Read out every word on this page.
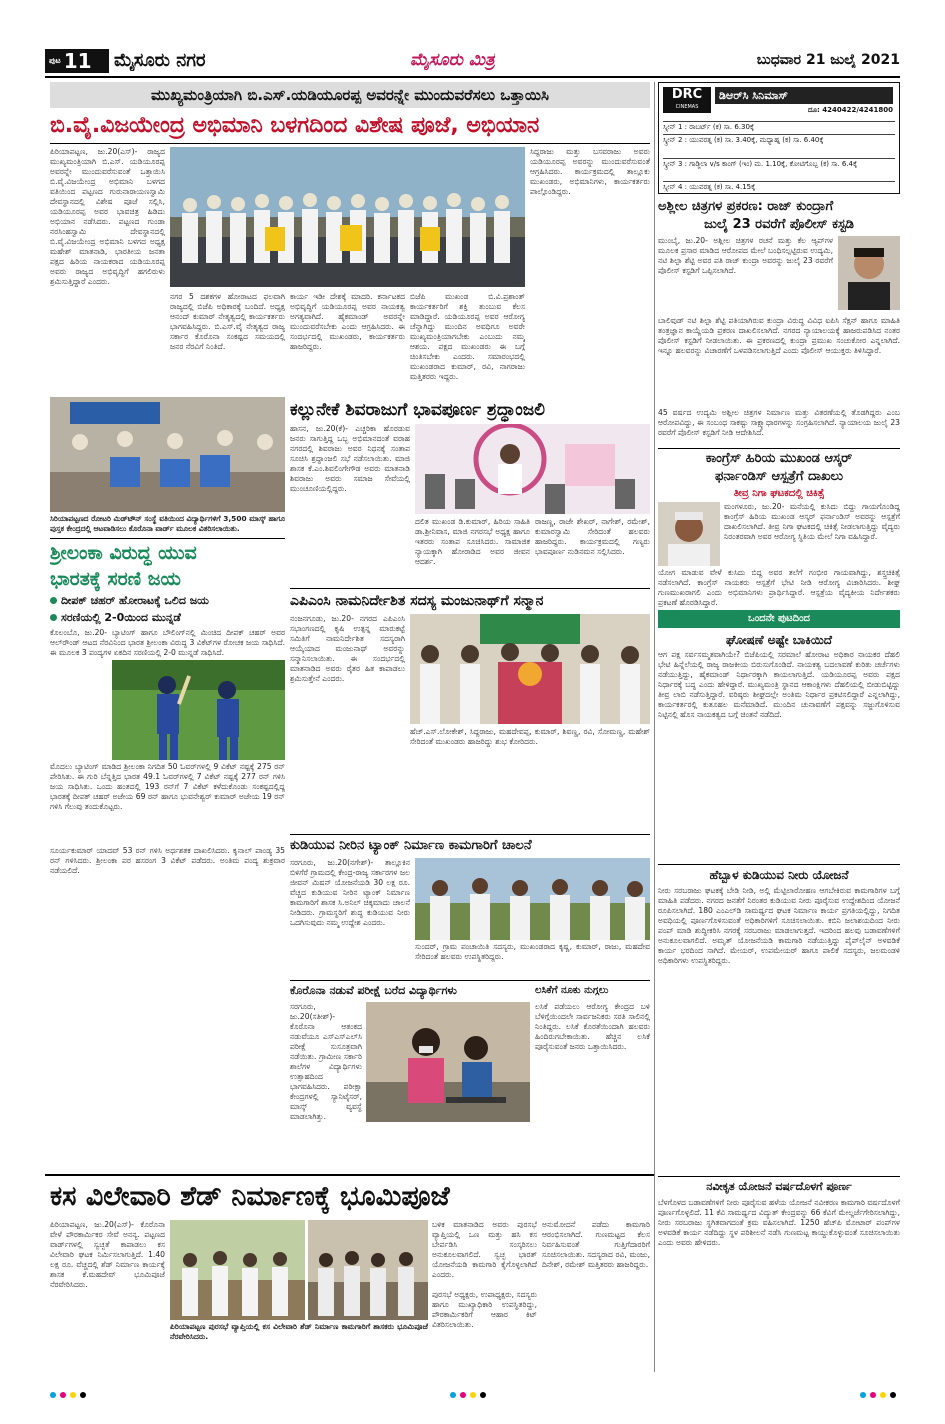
ಪುಟ 11 ಮೈಸೂರು ನಗರ	ಮೈಸೂರು ಮಿತ್ರ	ಬುಧವಾರ 21 ಜುಲೈ 2021
ಮುಖ್ಯಮಂತ್ರಿಯಾಗಿ ಬಿ.ಎಸ್.ಯಡಿಯೂರಪ್ಪ ಅವರನ್ನೇ ಮುಂದುವರೆಸಲು ಒತ್ತಾಯಿಸಿ
ಬಿ.ವೈ.ವಿಜಯೇಂದ್ರ ಅಭಿಮಾನಿ ಬಳಗದಿಂದ ವಿಶೇಷ ಪೂಜೆ, ಅಭಿಯಾನ
ಪಿರಿಯಾಪಟ್ಟಣ, ಜು.20(ಎಸ್‌)- ರಾಜ್ಯದ ಮುಖ್ಯಮಂತ್ರಿಯಾಗಿ ಬಿ.ಎಸ್. ಯಡಿಯೂರಪ್ಪ ಅವರನ್ನೇ ಮುಂದುವರೆಸುವಂತೆ ಒತ್ತಾಯಿಸಿ ಬಿ.ವೈ.ವಿಜಯೇಂದ್ರ ಅಭಿಮಾನಿ ಬಳಗದ ವತಿಯಿಂದ ಪಟ್ಟಣದ ಗುರುನಾರಾಯಣಸ್ವಾಮಿ ದೇವಸ್ಥಾನದಲ್ಲಿ ವಿಶೇಷ ಪೂಜೆ ಸಲ್ಲಿಸಿ, ಯಡಿಯೂರಪ್ಪ ಅವರ ಭಾವಚಿತ್ರ ಹಿಡಿದು ಅಭಿಯಾನ ನಡೆಸಿದರು. ಪಟ್ಟಣದ ಗುಂಡಾ ನರಸಿಂಹಸ್ವಾಮಿ ದೇವಸ್ಥಾನದಲ್ಲಿ ಬಿ.ವೈ.ವಿಜಯೇಂದ್ರ ಅಭಿಮಾನಿ ಬಳಗದ ಅಧ್ಯಕ್ಷ ಮಹೇಶ್ ಮಾತನಾಡಿ, ಭಾರತೀಯ ಜನತಾ ಪಕ್ಷದ ಹಿರಿಯ ನಾಯಕರಾದ ಯಡಿಯೂರಪ್ಪ ಅವರು ರಾಜ್ಯದ ಅಭಿವೃದ್ಧಿಗೆ ಹಗಲಿರುಳು ಶ್ರಮಿಸುತ್ತಿದ್ದಾರೆ ಎಂದರು.
ನಗರ 5 ದಶಕಗಳ ಹೋರಾಟದ ಫಲವಾಗಿ ರಾಜ್ಯದಲ್ಲಿ ಬಿಜೆಪಿ ಅಧಿಕಾರಕ್ಕೆ ಬಂದಿದೆ. ಅಧ್ಯಕ್ಷ ಆನಂದ್ ಕುಮಾರ್ ನೇತೃತ್ವದಲ್ಲಿ ಕಾರ್ಯಕರ್ತರು ಭಾಗವಹಿಸಿದ್ದರು. ಬಿ.ಎಸ್.ವೈ ನೇತೃತ್ವದ ರಾಜ್ಯ ಸರ್ಕಾರ ಕೊರೊನಾ ಸಂಕಷ್ಟದ ಸಮಯದಲ್ಲಿ ಜನರ ನೆರವಿಗೆ ನಿಂತಿದೆ.
ಕಾರ್ಯ ಇಡೀ ದೇಶಕ್ಕೆ ಮಾದರಿ. ಕರ್ನಾಟಕದ ಅಭಿವೃದ್ಧಿಗೆ ಯಡಿಯೂರಪ್ಪ ಅವರ ನಾಯಕತ್ವ ಅಗತ್ಯವಾಗಿದೆ. ಹೈಕಮಾಂಡ್ ಅವರನ್ನೇ ಮುಂದುವರೆಸಬೇಕು ಎಂದು ಆಗ್ರಹಿಸಿದರು. ಈ ಸಂದರ್ಭದಲ್ಲಿ ಮುಖಂಡರು, ಕಾರ್ಯಕರ್ತರು ಹಾಜರಿದ್ದರು.
ಬಿಜೆಪಿ ಮುಖಂಡ ಬಿ.ವಿ.ಪ್ರಶಾಂತ್ ಕಾರ್ಯಕರ್ತರಿಗೆ ಶಕ್ತಿ ತುಂಬುವ ಕೆಲಸ ಮಾಡಿದ್ದಾರೆ. ಯಡಿಯೂರಪ್ಪ ಅವರ ಆರೋಗ್ಯ ಚೆನ್ನಾಗಿದ್ದು ಮುಂದಿನ ಅವಧಿಗೂ ಅವರೇ ಮುಖ್ಯಮಂತ್ರಿಯಾಗಬೇಕು ಎಂಬುದು ನಮ್ಮ ಆಶಯ. ಪಕ್ಷದ ಮುಖಂಡರು ಈ ಬಗ್ಗೆ ಚಿಂತಿಸಬೇಕು ಎಂದರು. ಸಮಾರಂಭದಲ್ಲಿ ಮುಖಂಡರಾದ ಕುಮಾರ್, ರವಿ, ನಾಗರಾಜು ಮತ್ತಿತರರು ಇದ್ದರು.
ಸಿದ್ದರಾಜು ಮತ್ತು ಬಸವರಾಜು ಅವರು ಯಡಿಯೂರಪ್ಪ ಅವರನ್ನು ಮುಂದುವರೆಸುವಂತೆ ಆಗ್ರಹಿಸಿದರು. ಕಾರ್ಯಕ್ರಮದಲ್ಲಿ ತಾಲ್ಲೂಕು ಮುಖಂಡರು, ಅಭಿಮಾನಿಗಳು, ಕಾರ್ಯಕರ್ತರು ಪಾಲ್ಗೊಂಡಿದ್ದರು.
ಸಿರಿಯಾಪಟ್ಟಣದ ರೋಟರಿ ಮಿಡ್‌ಟೌನ್ ಸಂಸ್ಥೆ ವತಿಯಿಂದ ವಿದ್ಯಾರ್ಥಿಗಳಿಗೆ 3,500 ಮಾಸ್ಕ್ ಹಾಗೂ ಪುಸ್ತಕ ಕೇಂದ್ರದಲ್ಲಿ ಆಟವಾಡಿಸಲು ಕೊರೊನಾ ವಾರ್ಡ್ ಮೂಲಕ ವಿತರಿಸಲಾಯಿತು.
ಕಲ್ಲುನೇಕೆ ಶಿವರಾಜುಗೆ ಭಾವಪೂರ್ಣ ಶ್ರದ್ಧಾಂಜಲಿ
ಹಾಸನ, ಜು.20(ಕೆ)- ಎಚ್ಚರಿಕಾ ಹೊರಡುವ ಜನರು ಸಾಗುತ್ತಿದ್ದ ಒಬ್ಬ ಅಭಿಮಾನದಂತೆ ವರಾಹ ನಗರದಲ್ಲಿ ಶಿವರಾಜು ಅವರ ನಿಧನಕ್ಕೆ ಸಂತಾಪ ಸೂಚಿಸಿ ಶ್ರದ್ಧಾಂಜಲಿ ಸಭೆ ನಡೆಸಲಾಯಿತು. ಮಾಜಿ ಶಾಸಕ ಕೆ.ಎಂ.ಶಿವಲಿಂಗೇಗೌಡ ಅವರು ಮಾತನಾಡಿ ಶಿವರಾಜು ಅವರು ಸಮಾಜ ಸೇವೆಯಲ್ಲಿ ಮುಂಚೂಣಿಯಲ್ಲಿದ್ದರು.
ದಲಿತ ಮುಖಂಡ ಡಿ.ಕುಮಾರ್, ಹಿರಿಯ ಸಾಹಿತಿ ಡಾ.ಶ್ರೀನಿವಾಸ, ಮಾಜಿ ನಗರಸಭೆ ಅಧ್ಯಕ್ಷ ಹಾಗೂ ಇತರರು ಸಂತಾಪ ಸೂಚಿಸಿದರು. ಸಾಮಾಜಿಕ ನ್ಯಾಯಕ್ಕಾಗಿ ಹೋರಾಡಿದ ಅವರ ಜೀವನ ಆದರ್ಶ.
ರಾಜಣ್ಣ, ರಾಜೇ ಶೇಖರ್, ನಾಗೇಶ್, ರಮೇಶ್, ಕುಮಾರಸ್ವಾಮಿ ಸೇರಿದಂತೆ ಹಲವರು ಹಾಜರಿದ್ದರು. ಕಾರ್ಯಕ್ರಮದಲ್ಲಿ ಗಣ್ಯರು ಭಾವಪೂರ್ಣ ನುಡಿನಮನ ಸಲ್ಲಿಸಿದರು.
ಶ್ರೀಲಂಕಾ ವಿರುದ್ಧ ಯುವ
ಭಾರತಕ್ಕೆ ಸರಣಿ ಜಯ
ದೀಪಕ್ ಚಹರ್ ಹೋರಾಟಕ್ಕೆ ಒಲಿದ ಜಯ
ಸರಣಿಯಲ್ಲಿ 2-0ಯಿಂದ ಮುನ್ನಡೆ
ಕೊಲಂಬೊ, ಜು.20- ಬ್ಯಾಟಿಂಗ್ ಹಾಗೂ ಬೌಲಿಂಗ್‌ನಲ್ಲಿ ಮಿಂಚಿದ ದೀಪಕ್ ಚಹರ್ ಅವರ ಆಲ್‌ರೌಂಡ್ ಆಟದ ನೆರವಿನಿಂದ ಭಾರತ ಶ್ರೀಲಂಕಾ ವಿರುದ್ಧ 3 ವಿಕೆಟ್‌ಗಳ ರೋಚಕ ಜಯ ಸಾಧಿಸಿದೆ. ಈ ಮೂಲಕ 3 ಪಂದ್ಯಗಳ ಏಕದಿನ ಸರಣಿಯಲ್ಲಿ 2-0 ಮುನ್ನಡೆ ಸಾಧಿಸಿದೆ.
ಮೊದಲು ಬ್ಯಾಟಿಂಗ್ ಮಾಡಿದ ಶ್ರೀಲಂಕಾ ನಿಗದಿತ 50 ಓವರ್‌ಗಳಲ್ಲಿ 9 ವಿಕೆಟ್ ನಷ್ಟಕ್ಕೆ 275 ರನ್ ಪೇರಿಸಿತು. ಈ ಗುರಿ ಬೆನ್ನತ್ತಿದ ಭಾರತ 49.1 ಓವರ್‌ಗಳಲ್ಲಿ 7 ವಿಕೆಟ್ ನಷ್ಟಕ್ಕೆ 277 ರನ್ ಗಳಿಸಿ ಜಯ ಸಾಧಿಸಿತು. ಒಂದು ಹಂತದಲ್ಲಿ 193 ರನ್‌ಗೆ 7 ವಿಕೆಟ್ ಕಳೆದುಕೊಂಡು ಸಂಕಷ್ಟದಲ್ಲಿದ್ದ ಭಾರತಕ್ಕೆ ದೀಪಕ್ ಚಹರ್ ಅಜೇಯ 69 ರನ್ ಹಾಗೂ ಭುವನೇಶ್ವರ್ ಕುಮಾರ್ ಅಜೇಯ 19 ರನ್ ಗಳಿಸಿ ಗೆಲುವು ತಂದುಕೊಟ್ಟರು.
ಸೂರ್ಯಕುಮಾರ್ ಯಾದವ್ 53 ರನ್ ಗಳಿಸಿ ಅರ್ಧಶತಕ ದಾಖಲಿಸಿದರು. ಕೃನಾಲ್ ಪಾಂಡ್ಯ 35 ರನ್ ಗಳಿಸಿದರು. ಶ್ರೀಲಂಕಾ ಪರ ಹಸರಂಗ 3 ವಿಕೆಟ್ ಪಡೆದರು. ಅಂತಿಮ ಪಂದ್ಯ ಶುಕ್ರವಾರ ನಡೆಯಲಿದೆ.
ಎಪಿಎಂಸಿ ನಾಮನಿರ್ದೇಶಿತ ಸದಸ್ಯ ಮಂಜುನಾಥ್‌ಗೆ ಸನ್ಮಾನ
ನಂಜನಗೂಡು, ಜು.20- ನಗರದ ಎಪಿಎಂಸಿ ಸಭಾಂಗಣದಲ್ಲಿ ಕೃಷಿ ಉತ್ಪನ್ನ ಮಾರುಕಟ್ಟೆ ಸಮಿತಿಗೆ ನಾಮನಿರ್ದೇಶಿತ ಸದಸ್ಯರಾಗಿ ಆಯ್ಕೆಯಾದ ಮಂಜುನಾಥ್ ಅವರನ್ನು ಸನ್ಮಾನಿಸಲಾಯಿತು. ಈ ಸಂದರ್ಭದಲ್ಲಿ ಮಾತನಾಡಿದ ಅವರು ರೈತರ ಹಿತ ಕಾಪಾಡಲು ಶ್ರಮಿಸುತ್ತೇನೆ ಎಂದರು.
ಹೆಚ್.ಎಸ್.ಲೋಕೇಶ್, ಸಿದ್ದರಾಜು, ಮಹದೇವಪ್ಪ, ಕುಮಾರ್, ಶಿವಣ್ಣ, ರವಿ, ಸೋಮಣ್ಣ, ಮಹೇಶ್ ಸೇರಿದಂತೆ ಮುಖಂಡರು ಹಾಜರಿದ್ದು ಶುಭ ಕೋರಿದರು.
ಕುಡಿಯುವ ನೀರಿನ ಟ್ಯಾಂಕ್ ನಿರ್ಮಾಣ ಕಾಮಗಾರಿಗೆ ಚಾಲನೆ
ಸರಗೂರು, ಜು.20(ನಗೇಶ್)- ತಾಲ್ಲೂಕಿನ ಬಿಳಿಗೆರೆ ಗ್ರಾಮದಲ್ಲಿ ಕೇಂದ್ರ-ರಾಜ್ಯ ಸರ್ಕಾರಗಳ ಜಲ ಜೀವನ್ ಮಿಷನ್ ಯೋಜನೆಯಡಿ 30 ಲಕ್ಷ ರೂ. ವೆಚ್ಚದ ಕುಡಿಯುವ ನೀರಿನ ಟ್ಯಾಂಕ್ ನಿರ್ಮಾಣ ಕಾಮಗಾರಿಗೆ ಶಾಸಕ ಸಿ.ಅನಿಲ್ ಚಿಕ್ಕಮಾದು ಚಾಲನೆ ನೀಡಿದರು. ಗ್ರಾಮಸ್ಥರಿಗೆ ಶುದ್ಧ ಕುಡಿಯುವ ನೀರು ಒದಗಿಸುವುದು ನಮ್ಮ ಉದ್ದೇಶ ಎಂದರು.
ಸುಂದರ್, ಗ್ರಾಮ ಪಂಚಾಯಿತಿ ಸದಸ್ಯರು, ಮುಖಂಡರಾದ ಕೃಷ್ಣ, ಕುಮಾರ್, ರಾಜು, ಮಹದೇವ ಸೇರಿದಂತೆ ಹಲವರು ಉಪಸ್ಥಿತರಿದ್ದರು.
ಕೊರೊನಾ ನಡುವೆ ಪರೀಕ್ಷೆ ಬರೆದ ವಿದ್ಯಾರ್ಥಿಗಳು
ಸರಗೂರು, ಜು.20(ಸತೀಶ್)- ಕೊರೊನಾ ಆತಂಕದ ನಡುವೆಯೂ ಎಸ್‌ಎಸ್‌ಎಲ್‌ಸಿ ಪರೀಕ್ಷೆ ಸುಸೂತ್ರವಾಗಿ ನಡೆಯಿತು. ಗ್ರಾಮೀಣ ಸರ್ಕಾರಿ ಶಾಲೆಗಳ ವಿದ್ಯಾರ್ಥಿಗಳು ಉತ್ಸಾಹದಿಂದ ಭಾಗವಹಿಸಿದರು. ಪರೀಕ್ಷಾ ಕೇಂದ್ರಗಳಲ್ಲಿ ಸ್ಯಾನಿಟೈಸರ್, ಮಾಸ್ಕ್ ವ್ಯವಸ್ಥೆ ಮಾಡಲಾಗಿತ್ತು.
ಲಸಿಕೆಗೆ ನೂಕು ನುಗ್ಗಲು
ಲಸಿಕೆ ಪಡೆಯಲು ಆರೋಗ್ಯ ಕೇಂದ್ರದ ಬಳಿ ಬೆಳಿಗ್ಗೆಯಿಂದಲೇ ಸಾರ್ವಜನಿಕರು ಸರತಿ ಸಾಲಿನಲ್ಲಿ ನಿಂತಿದ್ದರು. ಲಸಿಕೆ ಕೊರತೆಯಿಂದಾಗಿ ಹಲವರು ಹಿಂದಿರುಗಬೇಕಾಯಿತು. ಹೆಚ್ಚಿನ ಲಸಿಕೆ ಪೂರೈಸುವಂತೆ ಜನರು ಒತ್ತಾಯಿಸಿದರು.
ಕಸ ವಿಲೇವಾರಿ ಶೆಡ್ ನಿರ್ಮಾಣಕ್ಕೆ ಭೂಮಿಪೂಜೆ
ಪಿರಿಯಾಪಟ್ಟಣ, ಜು.20(ಎಸ್‌)- ಕೊರೊನಾ ವೇಳೆ ಪೌರಕಾರ್ಮಿಕರ ಸೇವೆ ಅನನ್ಯ. ಪಟ್ಟಣದ ವಾರ್ಡ್‌ಗಳಲ್ಲಿ ಸ್ವಚ್ಛತೆ ಕಾಪಾಡಲು ಕಸ ವಿಲೇವಾರಿ ಘಟಕ ನಿರ್ಮಿಸಲಾಗುತ್ತಿದೆ. 1.40 ಲಕ್ಷ ರೂ. ವೆಚ್ಚದಲ್ಲಿ ಶೆಡ್ ನಿರ್ಮಾಣ ಕಾರ್ಯಕ್ಕೆ ಶಾಸಕ ಕೆ.ಮಹದೇವ್ ಭೂಮಿಪೂಜೆ ನೆರವೇರಿಸಿದರು.
ಪಿರಿಯಾಪಟ್ಟಣ ಪುರಸಭೆ ವ್ಯಾಪ್ತಿಯಲ್ಲಿ ಕಸ ವಿಲೇವಾರಿ ಶೆಡ್ ನಿರ್ಮಾಣ ಕಾಮಗಾರಿಗೆ ಶಾಸಕರು ಭೂಮಿಪೂಜೆ ನೆರವೇರಿಸಿದರು.
ಬಳಿಕ ಮಾತನಾಡಿದ ಅವರು ಪುರಸಭೆ ವ್ಯಾಪ್ತಿಯಲ್ಲಿ ಒಣ ಮತ್ತು ಹಸಿ ಕಸ ಬೇರ್ಪಡಿಸಿ ಸಂಸ್ಕರಿಸಲು ಅನುಕೂಲವಾಗಲಿದೆ. ಸ್ವಚ್ಛ ಭಾರತ್ ಯೋಜನೆಯಡಿ ಕಾಮಗಾರಿ ಕೈಗೊಳ್ಳಲಾಗಿದೆ ಎಂದರು.
ಪುರಸಭೆ ಅಧ್ಯಕ್ಷರು, ಉಪಾಧ್ಯಕ್ಷರು, ಸದಸ್ಯರು ಹಾಗೂ ಮುಖ್ಯಾಧಿಕಾರಿ ಉಪಸ್ಥಿತರಿದ್ದು, ಪೌರಕಾರ್ಮಿಕರಿಗೆ ಆಹಾರ ಕಿಟ್ ವಿತರಿಸಲಾಯಿತು.
ಅನುಮೋದನೆ ಪಡೆದು ಕಾಮಗಾರಿ ಆರಂಭಿಸಲಾಗಿದೆ. ಗುಣಮಟ್ಟದ ಕೆಲಸ ನಿರ್ವಹಿಸುವಂತೆ ಗುತ್ತಿಗೆದಾರರಿಗೆ ಸೂಚಿಸಲಾಯಿತು. ಸದಸ್ಯರಾದ ರವಿ, ಮಂಜು, ದಿನೇಶ್, ರಮೇಶ್ ಮತ್ತಿತರರು ಹಾಜರಿದ್ದರು.
DRC
CINEMAS
ಡಿಆರ್‌ಸಿ ಸಿನಿಮಾಸ್
ದೂ: 4240422/4241800
ಸ್ಕ್ರೀನ್ 1 : ರಾಬರ್ಟ್ (ಕ) ಸಾ. 6.30ಕ್ಕೆ
ಸ್ಕ್ರೀನ್ 2 : ಯುವರತ್ನ (ಕ) ಸಾ. 3.40ಕ್ಕೆ, ಮಧ್ಯಾಹ್ನ (ಕ) ಸಾ. 6.40ಕ್ಕೆ
ಸ್ಕ್ರೀನ್ 3 : ಗಾಡ್ಜಿಲಾ v/s ಕಾಂಗ್ (ಇಂ) ಮ. 1.10ಕ್ಕೆ, ಕೋಟಿಗೊಬ್ಬ (ಕ) ಸಾ. 6.4ಕ್ಕೆ
ಸ್ಕ್ರೀನ್ 4 : ಯುವರತ್ನ (ಕ) ಸಾ. 4.15ಕ್ಕೆ
ಅಶ್ಲೀಲ ಚಿತ್ರಗಳ ಪ್ರಕರಣ: ರಾಜ್ ಕುಂದ್ರಾಗೆ
ಜುಲೈ 23 ರವರೆಗೆ ಪೊಲೀಸ್ ಕಸ್ಟಡಿ
ಮುಂಬೈ, ಜು.20- ಅಶ್ಲೀಲ ಚಿತ್ರಗಳ ರಚನೆ ಮತ್ತು ಕೆಲ ಆ್ಯಪ್‌ಗಳ ಮೂಲಕ ಪ್ರಸಾರ ಮಾಡಿದ ಆರೋಪದ ಮೇಲೆ ಬಂಧಿಸಲ್ಪಟ್ಟಿರುವ ಉದ್ಯಮಿ, ನಟಿ ಶಿಲ್ಪಾ ಶೆಟ್ಟಿ ಅವರ ಪತಿ ರಾಜ್ ಕುಂದ್ರಾ ಅವರನ್ನು ಜುಲೈ 23 ರವರೆಗೆ ಪೊಲೀಸ್ ಕಸ್ಟಡಿಗೆ ಒಪ್ಪಿಸಲಾಗಿದೆ.
ಬಾಲಿವುಡ್ ನಟಿ ಶಿಲ್ಪಾ ಶೆಟ್ಟಿ ಪತಿಯಾಗಿರುವ ಕುಂದ್ರಾ ವಿರುದ್ಧ ವಿವಿಧ ಐಪಿಸಿ ಸೆಕ್ಷನ್ ಹಾಗೂ ಮಾಹಿತಿ ತಂತ್ರಜ್ಞಾನ ಕಾಯ್ದೆಯಡಿ ಪ್ರಕರಣ ದಾಖಲಿಸಲಾಗಿದೆ. ನಗರದ ನ್ಯಾಯಾಲಯಕ್ಕೆ ಹಾಜರುಪಡಿಸಿದ ನಂತರ ಪೊಲೀಸ್ ಕಸ್ಟಡಿಗೆ ನೀಡಲಾಯಿತು. ಈ ಪ್ರಕರಣದಲ್ಲಿ ಕುಂದ್ರಾ ಪ್ರಮುಖ ಸಂಚುಕೋರ ಎನ್ನಲಾಗಿದೆ. ಇನ್ನೂ ಹಲವರನ್ನು ವಿಚಾರಣೆಗೆ ಒಳಪಡಿಸಲಾಗುತ್ತಿದೆ ಎಂದು ಪೊಲೀಸ್ ಆಯುಕ್ತರು ತಿಳಿಸಿದ್ದಾರೆ.
45 ವರ್ಷದ ಉದ್ಯಮಿ ಅಶ್ಲೀಲ ಚಿತ್ರಗಳ ನಿರ್ಮಾಣ ಮತ್ತು ವಿತರಣೆಯಲ್ಲಿ ತೊಡಗಿದ್ದರು ಎಂಬ ಆರೋಪವಿದ್ದು, ಈ ಸಂಬಂಧ ಸಾಕಷ್ಟು ಸಾಕ್ಷ್ಯಾಧಾರಗಳನ್ನು ಸಂಗ್ರಹಿಸಲಾಗಿದೆ. ನ್ಯಾಯಾಲಯ ಜುಲೈ 23 ರವರೆಗೆ ಪೊಲೀಸ್ ಕಸ್ಟಡಿಗೆ ನೀಡಿ ಆದೇಶಿಸಿದೆ.
ಕಾಂಗ್ರೆಸ್ ಹಿರಿಯ ಮುಖಂಡ ಆಸ್ಕರ್
ಫರ್ನಾಂಡಿಸ್ ಆಸ್ಪತ್ರೆಗೆ ದಾಖಲು
ತೀವ್ರ ನಿಗಾ ಘಟಕದಲ್ಲಿ ಚಿಕಿತ್ಸೆ
ಮಂಗಳೂರು, ಜು.20- ಮನೆಯಲ್ಲಿ ಕುಸಿದು ಬಿದ್ದು ಗಾಯಗೊಂಡಿದ್ದ ಕಾಂಗ್ರೆಸ್ ಹಿರಿಯ ಮುಖಂಡ ಆಸ್ಕರ್ ಫರ್ನಾಂಡಿಸ್ ಅವರನ್ನು ಆಸ್ಪತ್ರೆಗೆ ದಾಖಲಿಸಲಾಗಿದೆ. ತೀವ್ರ ನಿಗಾ ಘಟಕದಲ್ಲಿ ಚಿಕಿತ್ಸೆ ನೀಡಲಾಗುತ್ತಿದ್ದು ವೈದ್ಯರು ನಿರಂತರವಾಗಿ ಅವರ ಆರೋಗ್ಯ ಸ್ಥಿತಿಯ ಮೇಲೆ ನಿಗಾ ವಹಿಸಿದ್ದಾರೆ.
ಯೋಗ ಮಾಡುವ ವೇಳೆ ಕುಸಿದು ಬಿದ್ದ ಅವರ ತಲೆಗೆ ಗಂಭೀರ ಗಾಯವಾಗಿದ್ದು, ಶಸ್ತ್ರಚಿಕಿತ್ಸೆ ನಡೆಸಲಾಗಿದೆ. ಕಾಂಗ್ರೆಸ್ ನಾಯಕರು ಆಸ್ಪತ್ರೆಗೆ ಭೇಟಿ ನೀಡಿ ಆರೋಗ್ಯ ವಿಚಾರಿಸಿದರು. ಶೀಘ್ರ ಗುಣಮುಖರಾಗಲಿ ಎಂದು ಅಭಿಮಾನಿಗಳು ಪ್ರಾರ್ಥಿಸಿದ್ದಾರೆ. ಆಸ್ಪತ್ರೆಯ ವೈದ್ಯಕೀಯ ನಿರ್ದೇಶಕರು ಪ್ರಕಟಣೆ ಹೊರಡಿಸಿದ್ದಾರೆ.
ಒಂದನೇ ಪುಟದಿಂದ
ಘೋಷಣೆ ಅಷ್ಟೇ ಬಾಕಿಯಿದೆ
ಆಗ ಪಕ್ಷ ಸರ್ವಸಮ್ಮತವಾಗಿಯೇ? ಬಿಜೆಪಿಯಲ್ಲಿ ಸರಮಾಲೆ ಹೋರಾಟ ಅಧಿಕಾರ ನಾಯಕರ ದೆಹಲಿ ಭೇಟಿ ಹಿನ್ನೆಲೆಯಲ್ಲಿ ರಾಜ್ಯ ರಾಜಕೀಯ ಬಿರುಸುಗೊಂಡಿದೆ. ನಾಯಕತ್ವ ಬದಲಾವಣೆ ಕುರಿತು ಚರ್ಚೆಗಳು ನಡೆಯುತ್ತಿದ್ದು, ಹೈಕಮಾಂಡ್ ನಿರ್ಧಾರಕ್ಕಾಗಿ ಕಾಯಲಾಗುತ್ತಿದೆ. ಯಡಿಯೂರಪ್ಪ ಅವರು ಪಕ್ಷದ ನಿರ್ಧಾರಕ್ಕೆ ಬದ್ಧ ಎಂದು ಹೇಳಿದ್ದಾರೆ. ಮುಖ್ಯಮಂತ್ರಿ ಸ್ಥಾನದ ಆಕಾಂಕ್ಷಿಗಳು ದೆಹಲಿಯಲ್ಲಿ ಬೀಡುಬಿಟ್ಟಿದ್ದು ತೀವ್ರ ಲಾಬಿ ನಡೆಸುತ್ತಿದ್ದಾರೆ. ವರಿಷ್ಠರು ಶೀಘ್ರದಲ್ಲೇ ಅಂತಿಮ ನಿರ್ಧಾರ ಪ್ರಕಟಿಸಲಿದ್ದಾರೆ ಎನ್ನಲಾಗಿದ್ದು, ಕಾರ್ಯಕರ್ತರಲ್ಲಿ ಕುತೂಹಲ ಮನೆಮಾಡಿದೆ. ಮುಂದಿನ ಚುನಾವಣೆಗೆ ಪಕ್ಷವನ್ನು ಸಜ್ಜುಗೊಳಿಸುವ ನಿಟ್ಟಿನಲ್ಲಿ ಹೊಸ ನಾಯಕತ್ವದ ಬಗ್ಗೆ ಚಿಂತನೆ ನಡೆದಿದೆ.
ಹೆಬ್ಬಾಳ ಕುಡಿಯುವ ನೀರು ಯೋಜನೆ
ನೀರು ಸರಬರಾಜು ಘಟಕಕ್ಕೆ ಬೇಡಿ ನೀಡಿ, ಅಲ್ಲಿ ಮೆಟ್ಟಿಲಾರೋಹಣ ಆಗಬೇಕಿರುವ ಕಾಮಗಾರಿಗಳ ಬಗ್ಗೆ ಮಾಹಿತಿ ಪಡೆದರು. ನಗರದ ಜನತೆಗೆ ನಿರಂತರ ಕುಡಿಯುವ ನೀರು ಪೂರೈಸುವ ಉದ್ದೇಶದಿಂದ ಯೋಜನೆ ರೂಪಿಸಲಾಗಿದೆ. 180 ಎಂಎಲ್‌ಡಿ ಸಾಮರ್ಥ್ಯದ ಘಟಕ ನಿರ್ಮಾಣ ಕಾರ್ಯ ಪ್ರಗತಿಯಲ್ಲಿದ್ದು, ನಿಗದಿತ ಅವಧಿಯಲ್ಲಿ ಪೂರ್ಣಗೊಳಿಸುವಂತೆ ಅಧಿಕಾರಿಗಳಿಗೆ ಸೂಚಿಸಲಾಯಿತು. ಕಬಿನಿ ಜಲಾಶಯದಿಂದ ನೀರು ಪಂಪ್ ಮಾಡಿ ಶುದ್ಧೀಕರಿಸಿ ನಗರಕ್ಕೆ ಸರಬರಾಜು ಮಾಡಲಾಗುತ್ತದೆ. ಇದರಿಂದ ಹಲವು ಬಡಾವಣೆಗಳಿಗೆ ಅನುಕೂಲವಾಗಲಿದೆ. ಅಮೃತ್ ಯೋಜನೆಯಡಿ ಕಾಮಗಾರಿ ನಡೆಯುತ್ತಿದ್ದು ಪೈಪ್‌ಲೈನ್ ಅಳವಡಿಕೆ ಕಾರ್ಯ ಭರದಿಂದ ಸಾಗಿದೆ. ಮೇಯರ್, ಉಪಮೇಯರ್ ಹಾಗೂ ಪಾಲಿಕೆ ಸದಸ್ಯರು, ಜಲಮಂಡಳಿ ಅಧಿಕಾರಿಗಳು ಉಪಸ್ಥಿತರಿದ್ದರು.
ನವೀಕೃತ ಯೋಜನೆ ವರ್ಷದೊಳಗೆ ಪೂರ್ಣ
ಬೆಳಗೊಳದ ಬಡಾವಣೆಗಳಿಗೆ ನೀರು ಪೂರೈಸುವ ಹಳೆಯ ಯೋಜನೆ ನವೀಕರಣ ಕಾಮಗಾರಿ ವರ್ಷದೊಳಗೆ ಪೂರ್ಣಗೊಳ್ಳಲಿದೆ. 11 ಕೆವಿ ಸಾಮರ್ಥ್ಯದ ವಿದ್ಯುತ್ ಕೇಂದ್ರವನ್ನು 66 ಕೆವಿಗೆ ಮೇಲ್ದರ್ಜೆಗೇರಿಸಲಾಗಿದ್ದು, ನೀರು ಸರಬರಾಜು ಸ್ಥಗಿತವಾಗದಂತೆ ಕ್ರಮ ವಹಿಸಲಾಗಿದೆ. 1250 ಹೆಚ್‌ಪಿ ಮೋಟಾರ್ ಪಂಪ್‌ಗಳ ಅಳವಡಿಕೆ ಕಾರ್ಯ ನಡೆದಿದ್ದು ಸ್ಥಳ ಪರಿಶೀಲನೆ ನಡೆಸಿ ಗುಣಮಟ್ಟ ಕಾಯ್ದುಕೊಳ್ಳುವಂತೆ ಸೂಚಿಸಲಾಯಿತು ಎಂದು ಅವರು ಹೇಳಿದರು.
